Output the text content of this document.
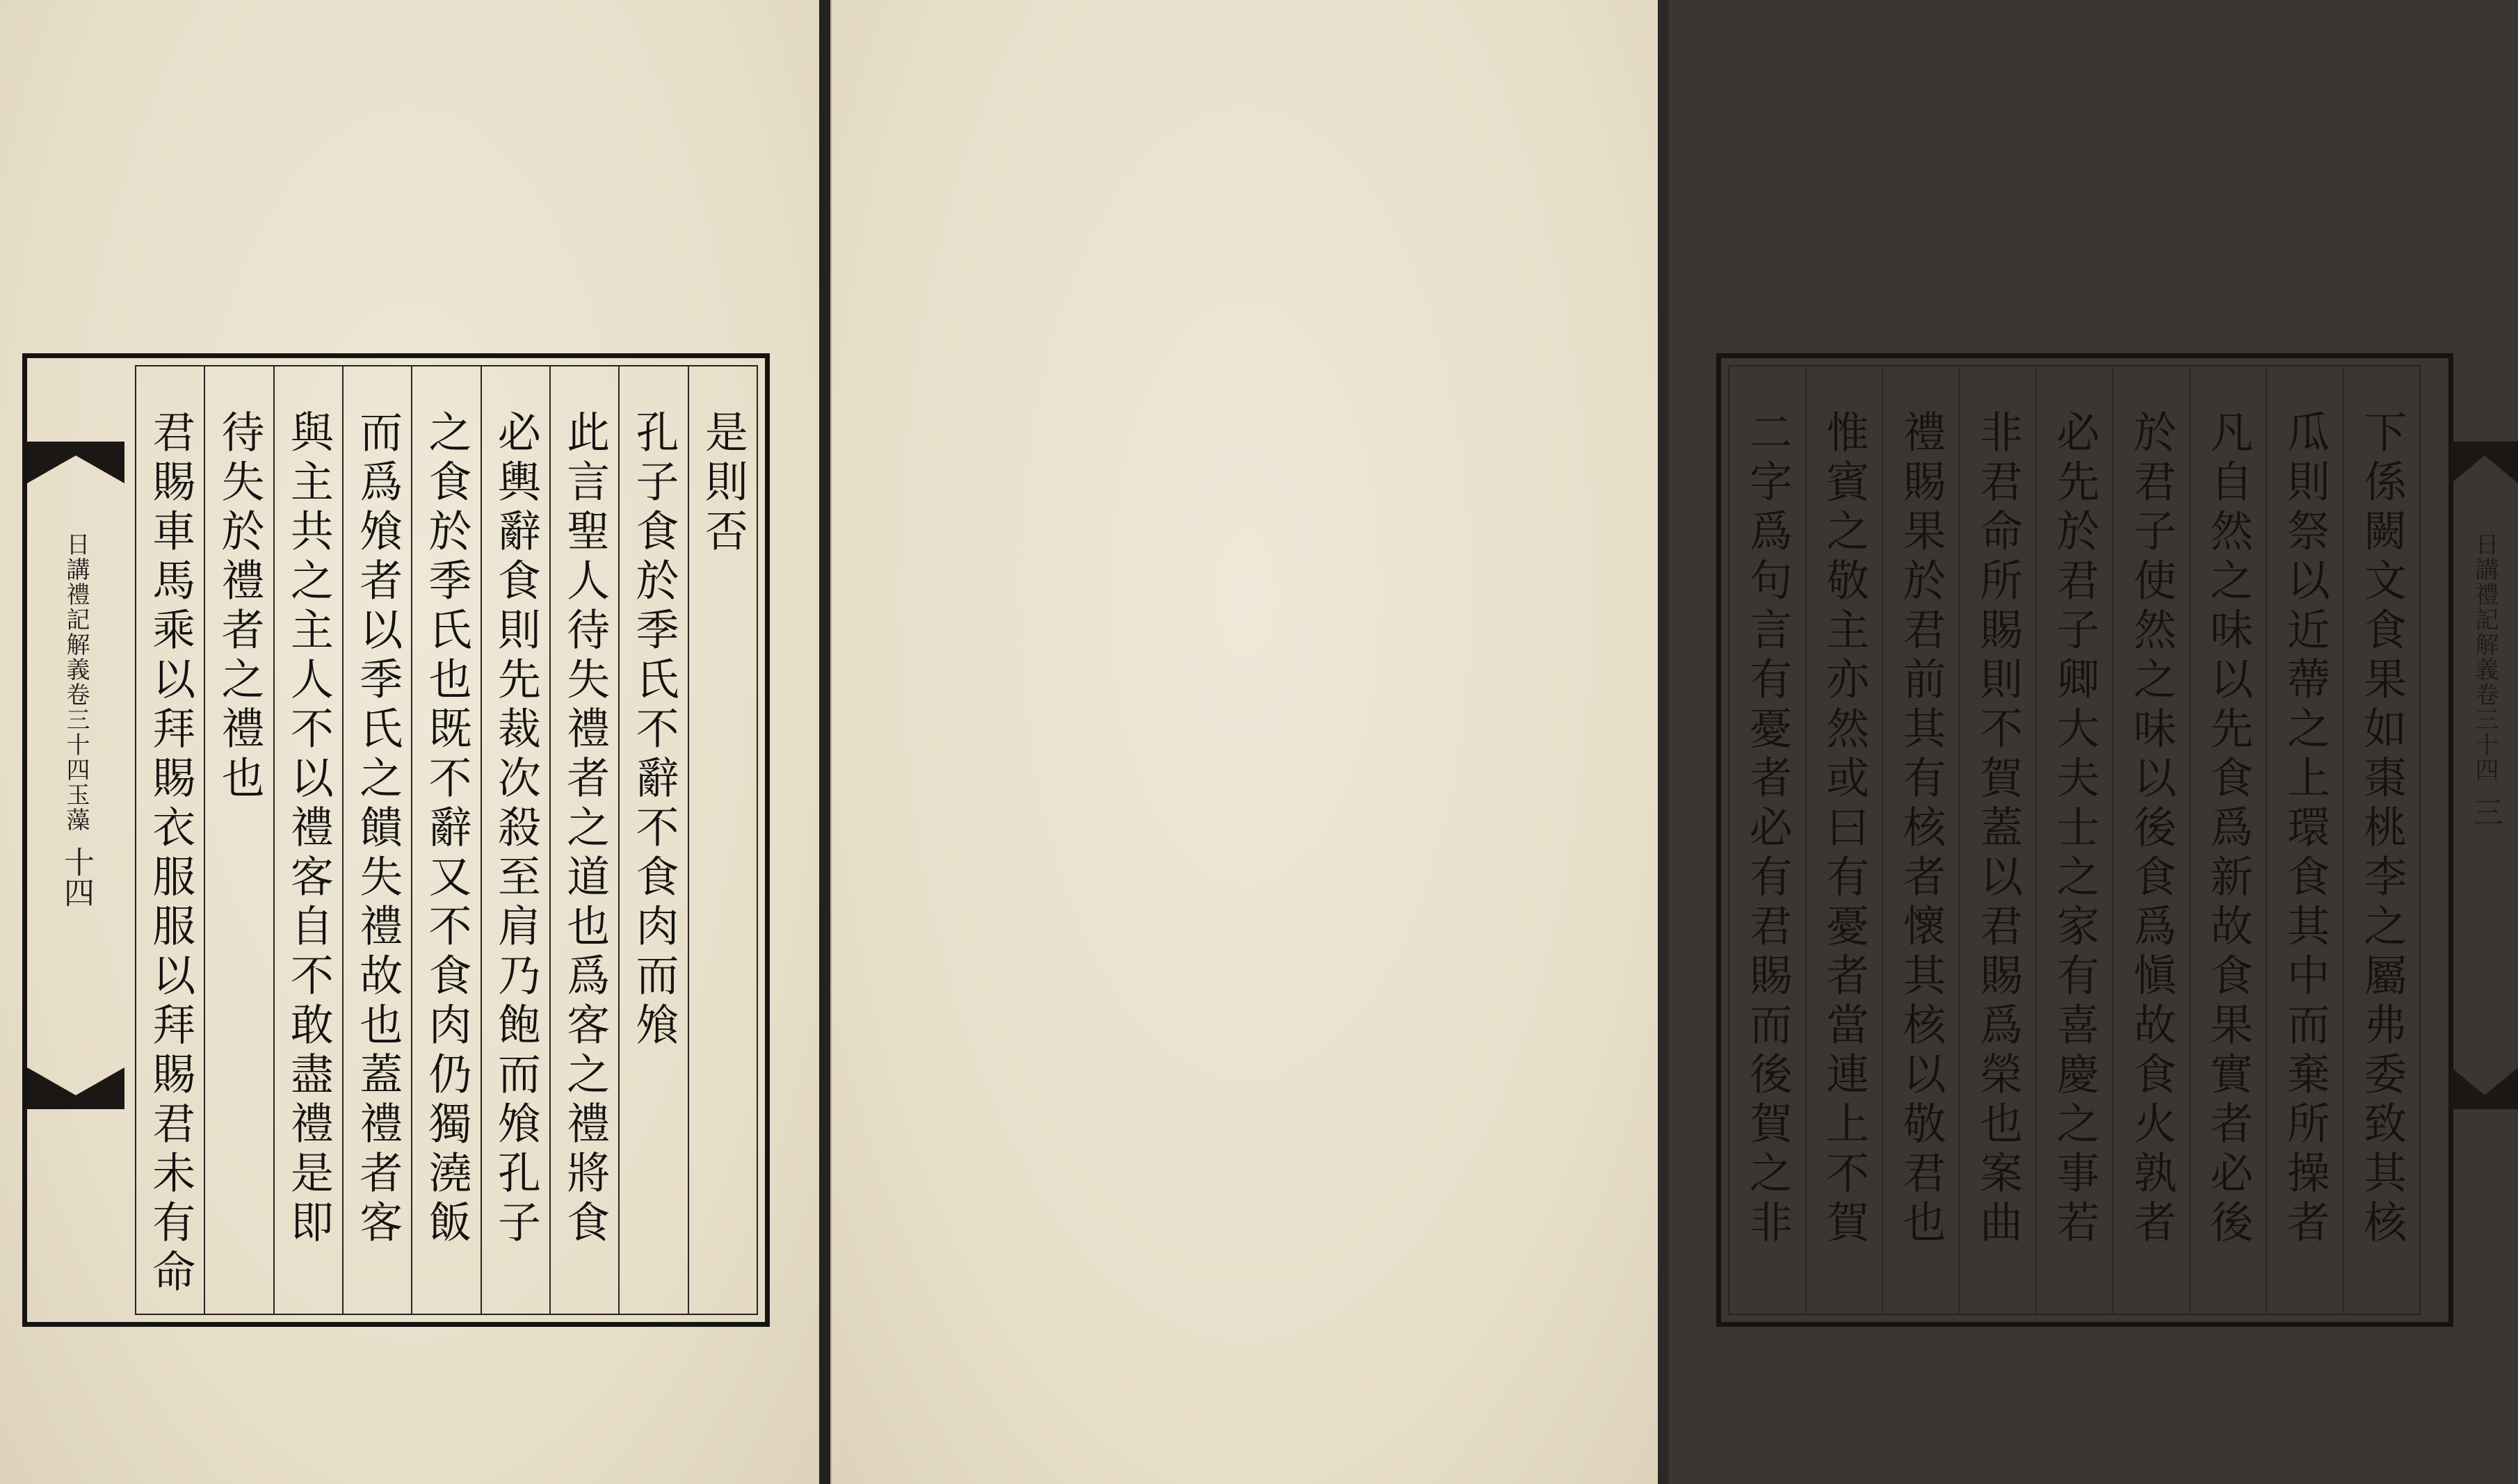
日講禮記解義卷三十四玉藻
十四
是則否
孔子食於季氏不辭不食肉而飧
此言聖人待失禮者之道也爲客之禮將食
必輿辭食則先裁次殺至肩乃飽而飧孔子
之食於季氏也既不辭又不食肉仍獨澆飯
而爲飧者以季氏之饋失禮故也蓋禮者客
與主共之主人不以禮客自不敢盡禮是即
待失於禮者之禮也
君賜車馬乘以拜賜衣服服以拜賜君未有命	下係闕文食果如棗桃李之屬弗委致其核
瓜則祭以近蔕之上環食其中而棄所操者
凡自然之味以先食爲新故食果實者必後
於君子使然之味以後食爲愼故食火孰者
必先於君子卿大夫士之家有喜慶之事若
非君命所賜則不賀蓋以君賜爲榮也案曲
禮賜果於君前其有核者懷其核以敬君也
惟賓之敬主亦然或曰有憂者當連上不賀
二字爲句言有憂者必有君賜而後賀之非	日講禮記解義卷三十四
三
